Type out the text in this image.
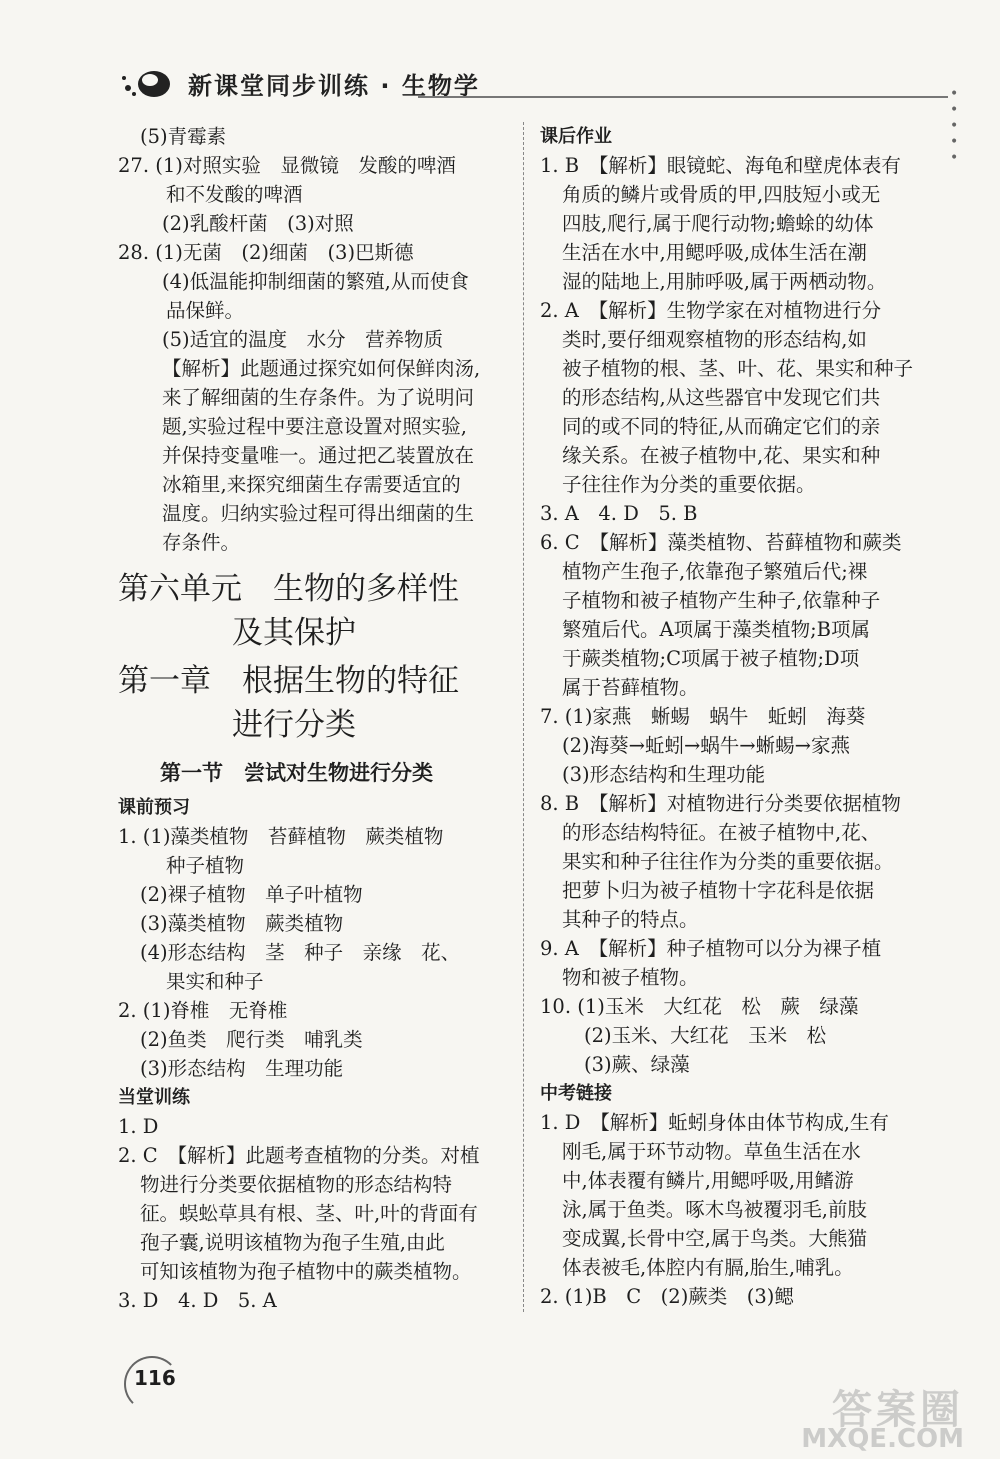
新课堂同步训练 · 生物学	• • • • •
(5)青霉素
27. (1)对照实验　显微镜　发酸的啤酒
和不发酸的啤酒
(2)乳酸杆菌　(3)对照
28. (1)无菌　(2)细菌　(3)巴斯德
(4)低温能抑制细菌的繁殖,从而使食
品保鲜。
(5)适宜的温度　水分　营养物质
【解析】此题通过探究如何保鲜肉汤,
来了解细菌的生存条件。为了说明问
题,实验过程中要注意设置对照实验,
并保持变量唯一。通过把乙装置放在
冰箱里,来探究细菌生存需要适宜的
温度。归纳实验过程可得出细菌的生
存条件。
第六单元　生物的多样性
及其保护
第一章　根据生物的特征
进行分类
第一节　尝试对生物进行分类
课前预习
1. (1)藻类植物　苔藓植物　蕨类植物
种子植物
(2)裸子植物　单子叶植物
(3)藻类植物　蕨类植物
(4)形态结构　茎　种子　亲缘　花、
果实和种子
2. (1)脊椎　无脊椎
(2)鱼类　爬行类　哺乳类
(3)形态结构　生理功能
当堂训练
1. D
2. C　【解析】此题考查植物的分类。对植
物进行分类要依据植物的形态结构特
征。蜈蚣草具有根、茎、叶,叶的背面有
孢子囊,说明该植物为孢子生殖,由此
可知该植物为孢子植物中的蕨类植物。
3. D　4. D　5. A
课后作业
1. B　【解析】眼镜蛇、海龟和壁虎体表有
角质的鳞片或骨质的甲,四肢短小或无
四肢,爬行,属于爬行动物;蟾蜍的幼体
生活在水中,用鳃呼吸,成体生活在潮
湿的陆地上,用肺呼吸,属于两栖动物。
2. A　【解析】生物学家在对植物进行分
类时,要仔细观察植物的形态结构,如
被子植物的根、茎、叶、花、果实和种子
的形态结构,从这些器官中发现它们共
同的或不同的特征,从而确定它们的亲
缘关系。在被子植物中,花、果实和种
子往往作为分类的重要依据。
3. A　4. D　5. B
6. C　【解析】藻类植物、苔藓植物和蕨类
植物产生孢子,依靠孢子繁殖后代;裸
子植物和被子植物产生种子,依靠种子
繁殖后代。A项属于藻类植物;B项属
于蕨类植物;C项属于被子植物;D项
属于苔藓植物。
7. (1)家燕　蜥蜴　蜗牛　蚯蚓　海葵
(2)海葵→蚯蚓→蜗牛→蜥蜴→家燕
(3)形态结构和生理功能
8. B　【解析】对植物进行分类要依据植物
的形态结构特征。在被子植物中,花、
果实和种子往往作为分类的重要依据。
把萝卜归为被子植物十字花科是依据
其种子的特点。
9. A　【解析】种子植物可以分为裸子植
物和被子植物。
10. (1)玉米　大红花　松　蕨　绿藻
(2)玉米、大红花　玉米　松
(3)蕨、绿藻
中考链接
1. D　【解析】蚯蚓身体由体节构成,生有
刚毛,属于环节动物。草鱼生活在水
中,体表覆有鳞片,用鳃呼吸,用鳍游
泳,属于鱼类。啄木鸟被覆羽毛,前肢
变成翼,长骨中空,属于鸟类。大熊猫
体表被毛,体腔内有膈,胎生,哺乳。
2. (1)B　C　(2)蕨类　(3)鳃
116
答案圈
MXQE.COM
